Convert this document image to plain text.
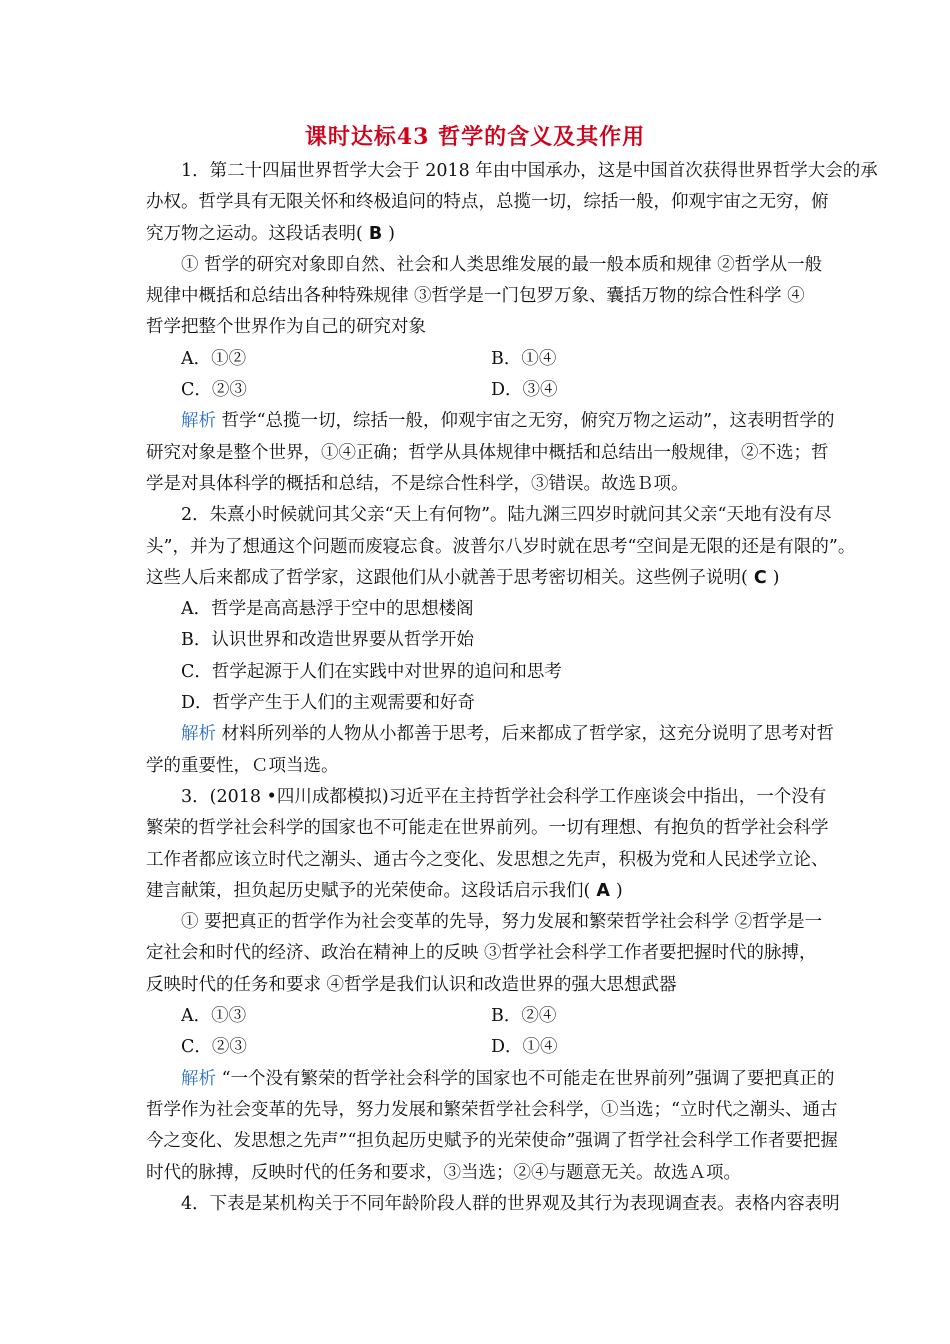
课时达标43 哲学的含义及其作用
1．第二十四届世界哲学大会于 2018 年由中国承办，这是中国首次获得世界哲学大会的承
办权。哲学具有无限关怀和终极追问的特点，总揽一切，综括一般，仰观宇宙之无穷，俯
究万物之运动。这段话表明( B )
① 哲学的研究对象即自然、社会和人类思维发展的最一般本质和规律 ②哲学从一般
规律中概括和总结出各种特殊规律 ③哲学是一门包罗万象、囊括万物的综合性科学 ④
哲学把整个世界作为自己的研究对象
A．①②	B．①④
C．②③	D．③④
解析 哲学“总揽一切，综括一般，仰观宇宙之无穷，俯究万物之运动”，这表明哲学的
研究对象是整个世界，①④正确；哲学从具体规律中概括和总结出一般规律，②不选；哲
学是对具体科学的概括和总结，不是综合性科学，③错误。故选Ｂ项。
2．朱熹小时候就问其父亲“天上有何物”。陆九渊三四岁时就问其父亲“天地有没有尽
头”，并为了想通这个问题而废寝忘食。波普尔八岁时就在思考“空间是无限的还是有限的”。
这些人后来都成了哲学家，这跟他们从小就善于思考密切相关。这些例子说明( C )
A．哲学是高高悬浮于空中的思想楼阁
B．认识世界和改造世界要从哲学开始
C．哲学起源于人们在实践中对世界的追问和思考
D．哲学产生于人们的主观需要和好奇
解析 材料所列举的人物从小都善于思考，后来都成了哲学家，这充分说明了思考对哲
学的重要性，Ｃ项当选。
3．(2018 •四川成都模拟)习近平在主持哲学社会科学工作座谈会中指出，一个没有
繁荣的哲学社会科学的国家也不可能走在世界前列。一切有理想、有抱负的哲学社会科学
工作者都应该立时代之潮头、通古今之变化、发思想之先声，积极为党和人民述学立论、
建言献策，担负起历史赋予的光荣使命。这段话启示我们( A )
① 要把真正的哲学作为社会变革的先导，努力发展和繁荣哲学社会科学 ②哲学是一
定社会和时代的经济、政治在精神上的反映 ③哲学社会科学工作者要把握时代的脉搏，
反映时代的任务和要求 ④哲学是我们认识和改造世界的强大思想武器
A．①③	B．②④
C．②③	D．①④
解析 “一个没有繁荣的哲学社会科学的国家也不可能走在世界前列”强调了要把真正的
哲学作为社会变革的先导，努力发展和繁荣哲学社会科学，①当选；“立时代之潮头、通古
今之变化、发思想之先声”“担负起历史赋予的光荣使命”强调了哲学社会科学工作者要把握
时代的脉搏，反映时代的任务和要求，③当选；②④与题意无关。故选Ａ项。
4．下表是某机构关于不同年龄阶段人群的世界观及其行为表现调查表。表格内容表明
